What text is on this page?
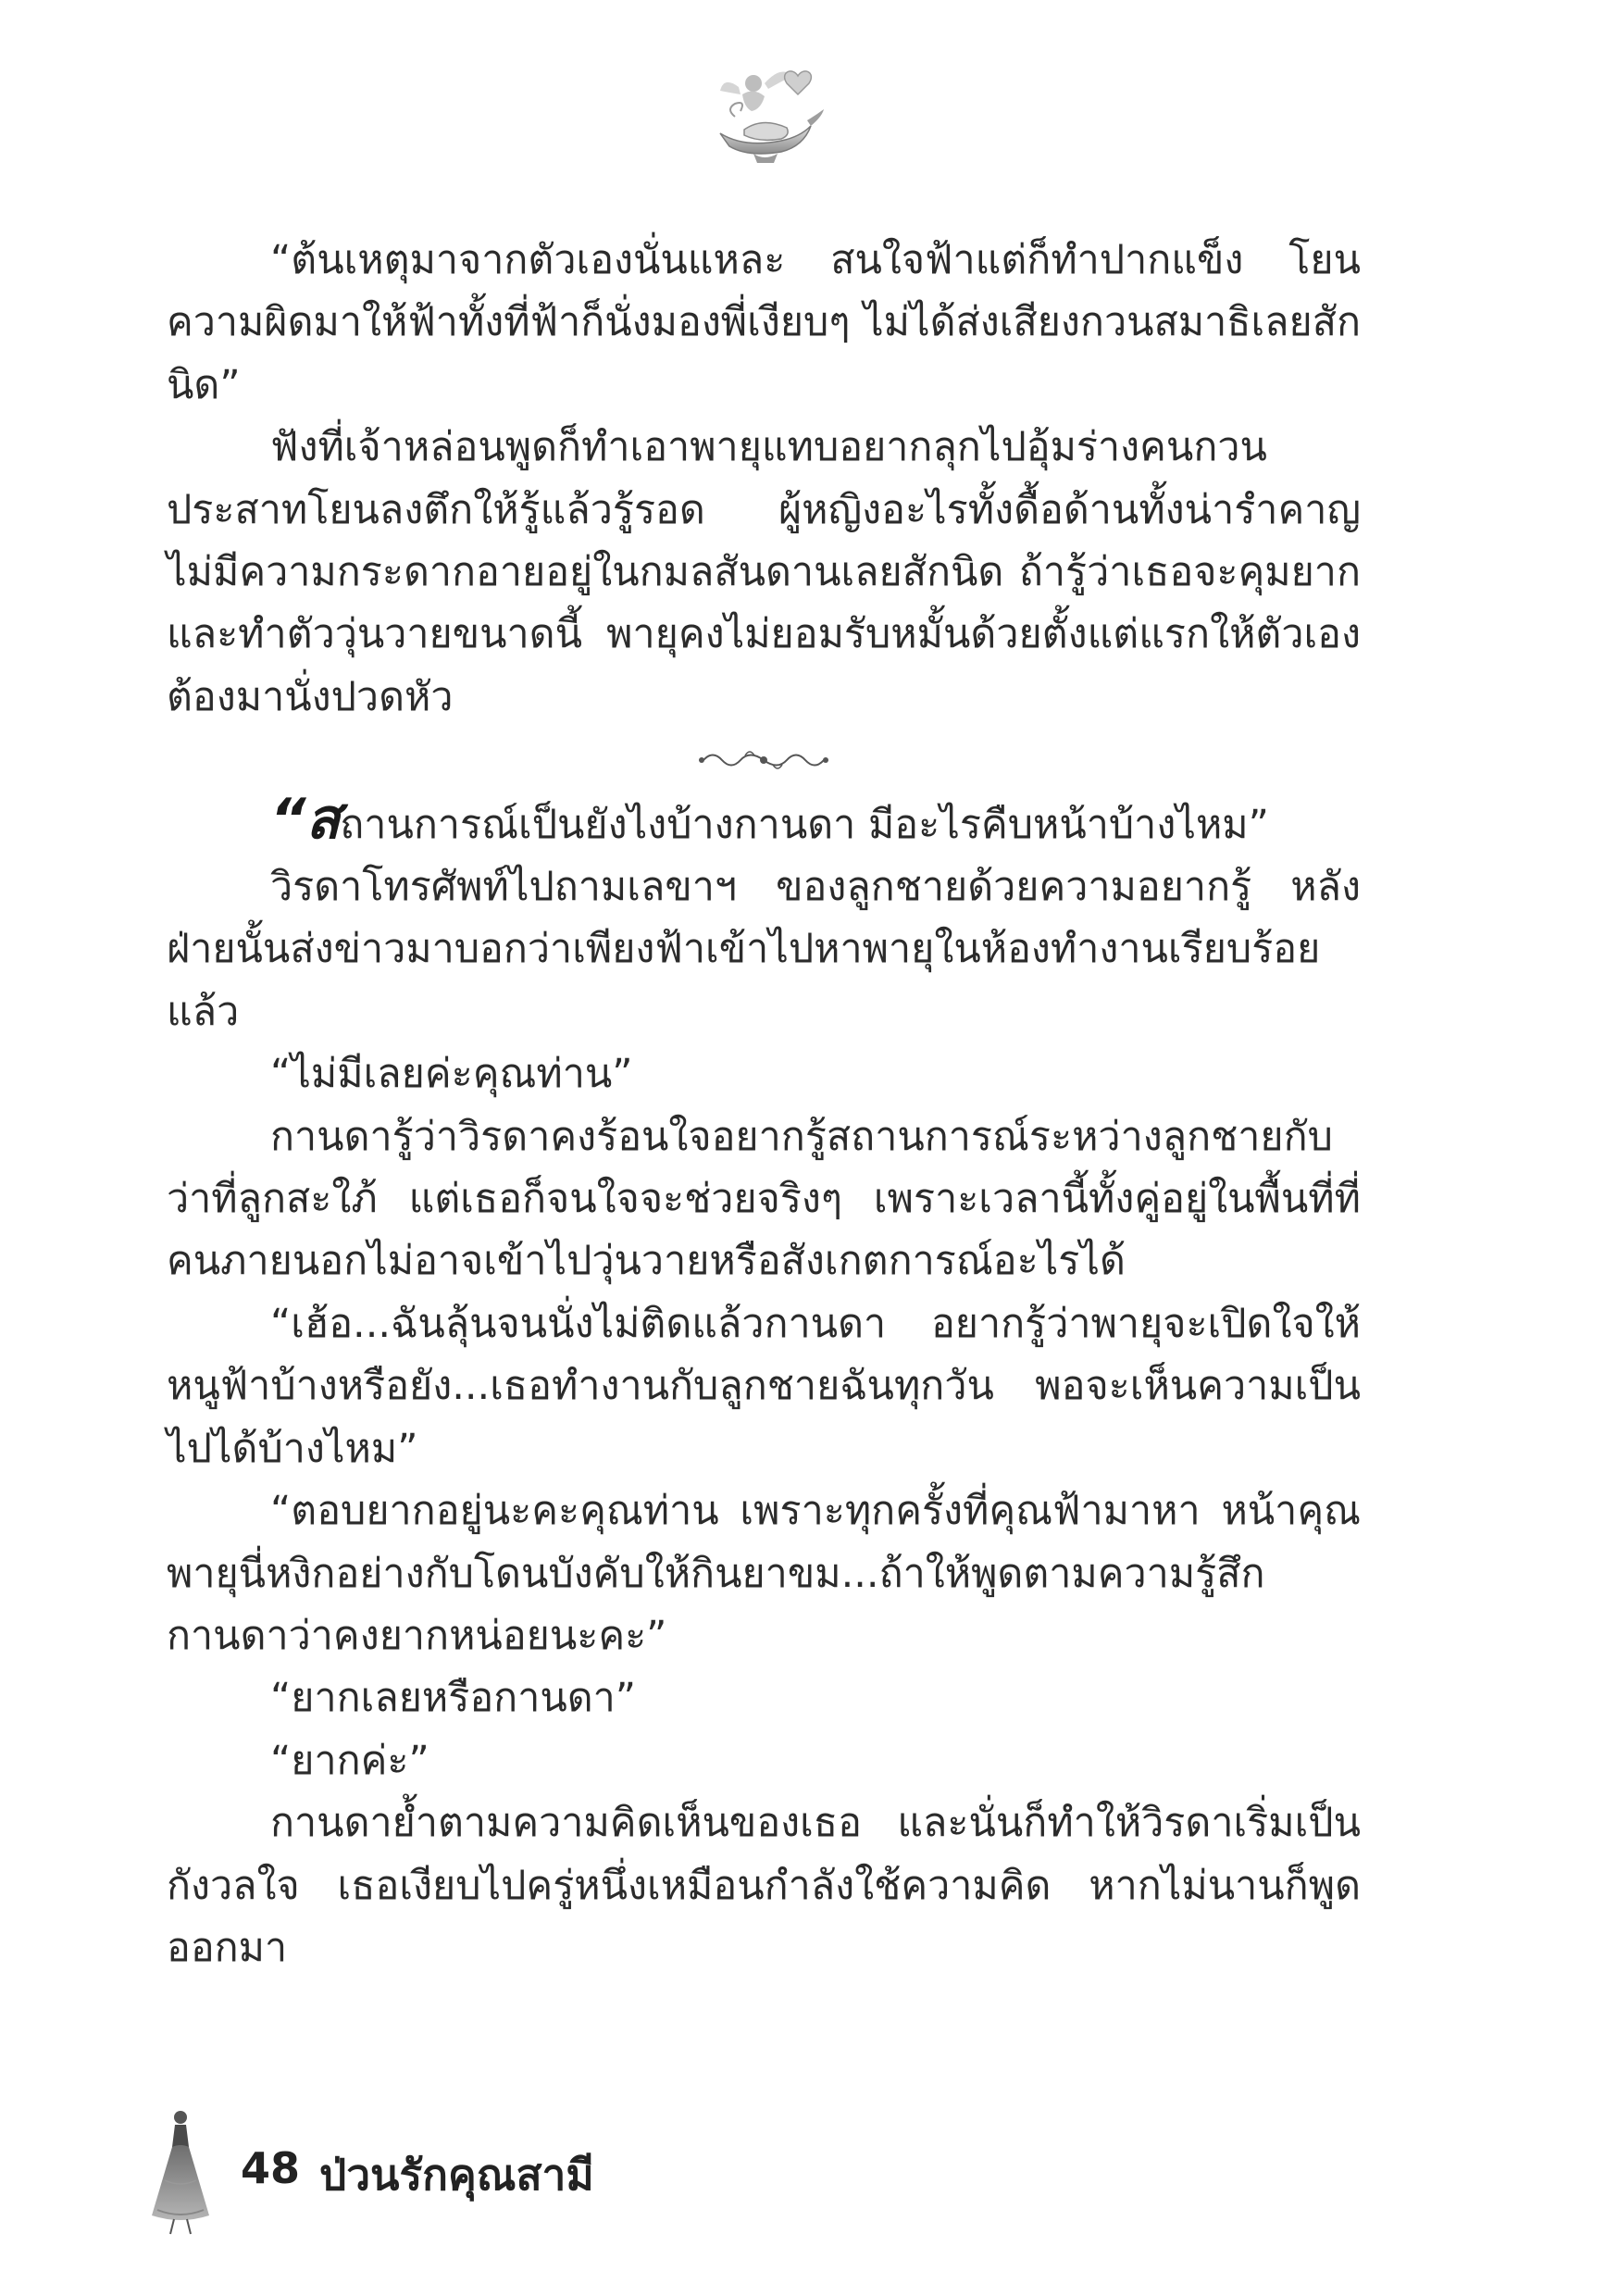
“ต้นเหตุมาจากตัวเองนั่นแหละ สนใจฟ้าแต่ก็ทำปากแข็ง โยนความผิดมาให้ฟ้าทั้งที่ฟ้าก็นั่งมองพี่เงียบๆ ไม่ได้ส่งเสียงกวนสมาธิเลยสักนิด”

ฟังที่เจ้าหล่อนพูดก็ทำเอาพายุแทบอยากลุกไปอุ้มร่างคนกวนประสาทโยนลงตึกให้รู้แล้วรู้รอด ผู้หญิงอะไรทั้งดื้อด้านทั้งน่ารำคาญ ไม่มีความกระดากอายอยู่ในกมลสันดานเลยสักนิด ถ้ารู้ว่าเธอจะคุมยากและทำตัววุ่นวายขนาดนี้ พายุคงไม่ยอมรับหมั้นด้วยตั้งแต่แรกให้ตัวเองต้องมานั่งปวดหัว

“สถานการณ์เป็นยังไงบ้างกานดา มีอะไรคืบหน้าบ้างไหม”

วิรดาโทรศัพท์ไปถามเลขาฯ ของลูกชายด้วยความอยากรู้ หลังฝ่ายนั้นส่งข่าวมาบอกว่าเพียงฟ้าเข้าไปหาพายุในห้องทำงานเรียบร้อยแล้ว

“ไม่มีเลยค่ะคุณท่าน”

กานดารู้ว่าวิรดาคงร้อนใจอยากรู้สถานการณ์ระหว่างลูกชายกับว่าที่ลูกสะใภ้ แต่เธอก็จนใจจะช่วยจริงๆ เพราะเวลานี้ทั้งคู่อยู่ในพื้นที่ที่คนภายนอกไม่อาจเข้าไปวุ่นวายหรือสังเกตการณ์อะไรได้

“เฮ้อ...ฉันลุ้นจนนั่งไม่ติดแล้วกานดา อยากรู้ว่าพายุจะเปิดใจให้หนูฟ้าบ้างหรือยัง...เธอทำงานกับลูกชายฉันทุกวัน พอจะเห็นความเป็นไปได้บ้างไหม”

“ตอบยากอยู่นะคะคุณท่าน เพราะทุกครั้งที่คุณฟ้ามาหา หน้าคุณพายุนี่หงิกอย่างกับโดนบังคับให้กินยาขม...ถ้าให้พูดตามความรู้สึก กานดาว่าคงยากหน่อยนะคะ”

“ยากเลยหรือกานดา”

“ยากค่ะ”

กานดาย้ำตามความคิดเห็นของเธอ และนั่นก็ทำให้วิรดาเริ่มเป็นกังวลใจ เธอเงียบไปครู่หนึ่งเหมือนกำลังใช้ความคิด หากไม่นานก็พูดออกมา

48 ป่วนรักคุณสามี
